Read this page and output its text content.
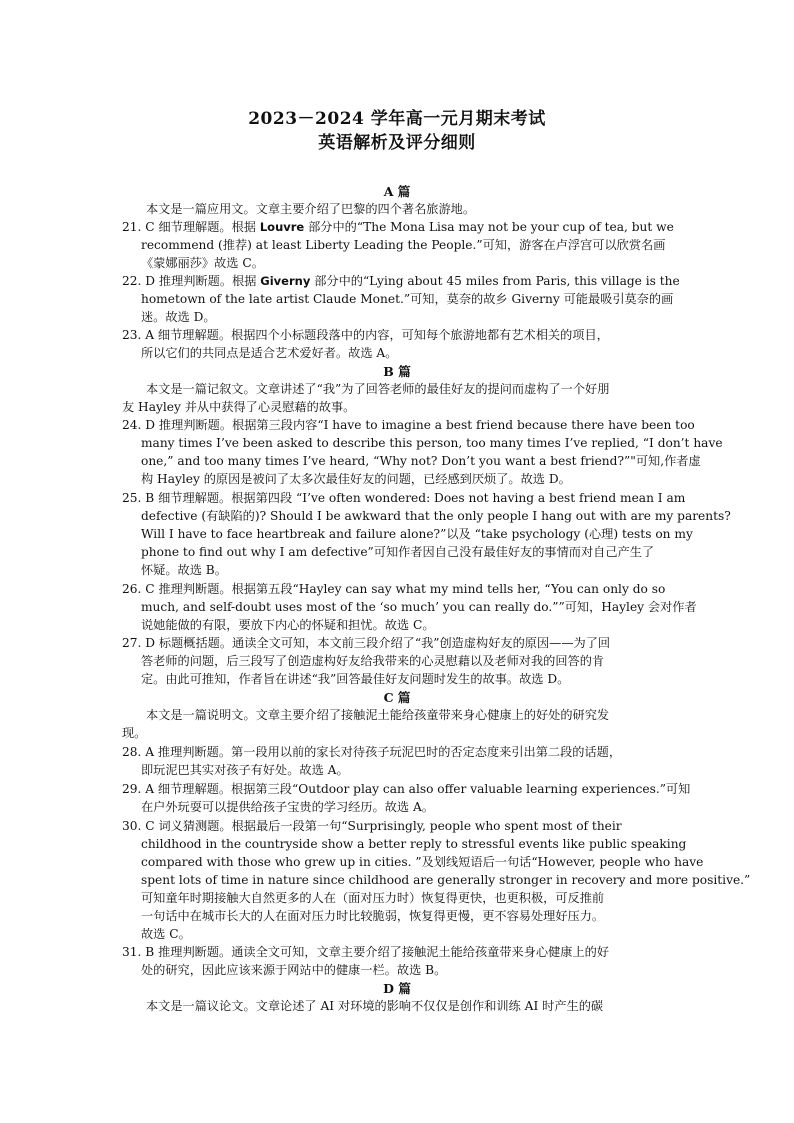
2023－2024 学年高一元月期末考试
英语解析及评分细则
A 篇
本文是一篇应用文。文章主要介绍了巴黎的四个著名旅游地。
21. C 细节理解题。根据 Louvre 部分中的“The Mona Lisa may not be your cup of tea, but we
recommend (推荐) at least Liberty Leading the People.”可知，游客在卢浮宫可以欣赏名画
《蒙娜丽莎》故选 C。
22. D 推理判断题。根据 Giverny 部分中的“Lying about 45 miles from Paris, this village is the
hometown of the late artist Claude Monet.”可知，莫奈的故乡 Giverny 可能最吸引莫奈的画
迷。故选 D。
23. A 细节理解题。根据四个小标题段落中的内容，可知每个旅游地都有艺术相关的项目，
所以它们的共同点是适合艺术爱好者。故选 A。
B 篇
本文是一篇记叙文。文章讲述了“我”为了回答老师的最佳好友的提问而虚构了一个好朋
友 Hayley 并从中获得了心灵慰藉的故事。
24. D 推理判断题。根据第三段内容“I have to imagine a best friend because there have been too
many times I’ve been asked to describe this person, too many times I’ve replied, “I don’t have
one,” and too many times I’ve heard, “Why not? Don’t you want a best friend?”"可知,作者虚
构 Hayley 的原因是被问了太多次最佳好友的问题，已经感到厌烦了。故选 D。
25. B 细节理解题。根据第四段 “I’ve often wondered: Does not having a best friend mean I am
defective (有缺陷的)? Should I be awkward that the only people I hang out with are my parents?
Will I have to face heartbreak and failure alone?”以及 “take psychology (心理) tests on my
phone to find out why I am defective”可知作者因自己没有最佳好友的事情而对自己产生了
怀疑。故选 B。
26. C 推理判断题。根据第五段“Hayley can say what my mind tells her, “You can only do so
much, and self-doubt uses most of the ‘so much’ you can really do.””可知，Hayley 会对作者
说她能做的有限，要放下内心的怀疑和担忧。故选 C。
27. D 标题概括题。通读全文可知，本文前三段介绍了“我”创造虚构好友的原因——为了回
答老师的问题，后三段写了创造虚构好友给我带来的心灵慰藉以及老师对我的回答的肯
定。由此可推知，作者旨在讲述“我”回答最佳好友问题时发生的故事。故选 D。
C 篇
本文是一篇说明文。文章主要介绍了接触泥土能给孩童带来身心健康上的好处的研究发
现。
28. A 推理判断题。第一段用以前的家长对待孩子玩泥巴时的否定态度来引出第二段的话题，
即玩泥巴其实对孩子有好处。故选 A。
29. A 细节理解题。根据第三段“Outdoor play can also offer valuable learning experiences.”可知
在户外玩耍可以提供给孩子宝贵的学习经历。故选 A。
30. C 词义猜测题。根据最后一段第一句“Surprisingly, people who spent most of their
childhood in the countryside show a better reply to stressful events like public speaking
compared with those who grew up in cities. ”及划线短语后一句话“However, people who have
spent lots of time in nature since childhood are generally stronger in recovery and more positive.”
可知童年时期接触大自然更多的人在（面对压力时）恢复得更快，也更积极，可反推前
一句话中在城市长大的人在面对压力时比较脆弱，恢复得更慢，更不容易处理好压力。
故选 C。
31. B 推理判断题。通读全文可知，文章主要介绍了接触泥土能给孩童带来身心健康上的好
处的研究，因此应该来源于网站中的健康一栏。故选 B。
D 篇
本文是一篇议论文。文章论述了 AI 对环境的影响不仅仅是创作和训练 AI 时产生的碳
